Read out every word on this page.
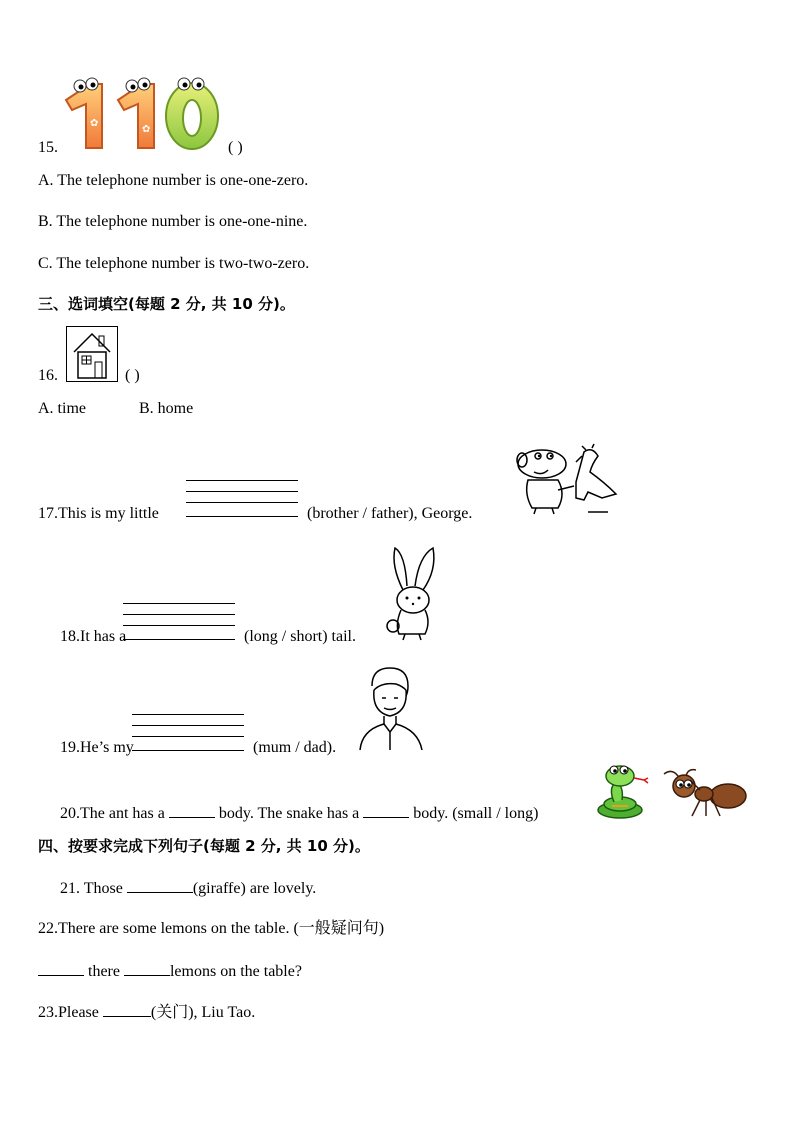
✿
✿
1
15.	( )
A. The telephone number is one-one-zero.
B. The telephone number is one-one-nine.
C. The telephone number is two-two-zero.
三、选词填空(每题 2 分, 共 10 分)。
16.	( )
A. time	B. home
17.This is my little	(brother / father), George.
18.It has a	(long / short) tail.
19.He’s my	(mum / dad).
20.The ant has a	body. The snake has a	body. (small / long)
四、按要求完成下列句子(每题 2 分, 共 10 分)。
21. Those	(giraffe) are lovely.
22.There are some lemons on the table. (一般疑问句)
there	lemons on the table?
23.Please	(关门), Liu Tao.
